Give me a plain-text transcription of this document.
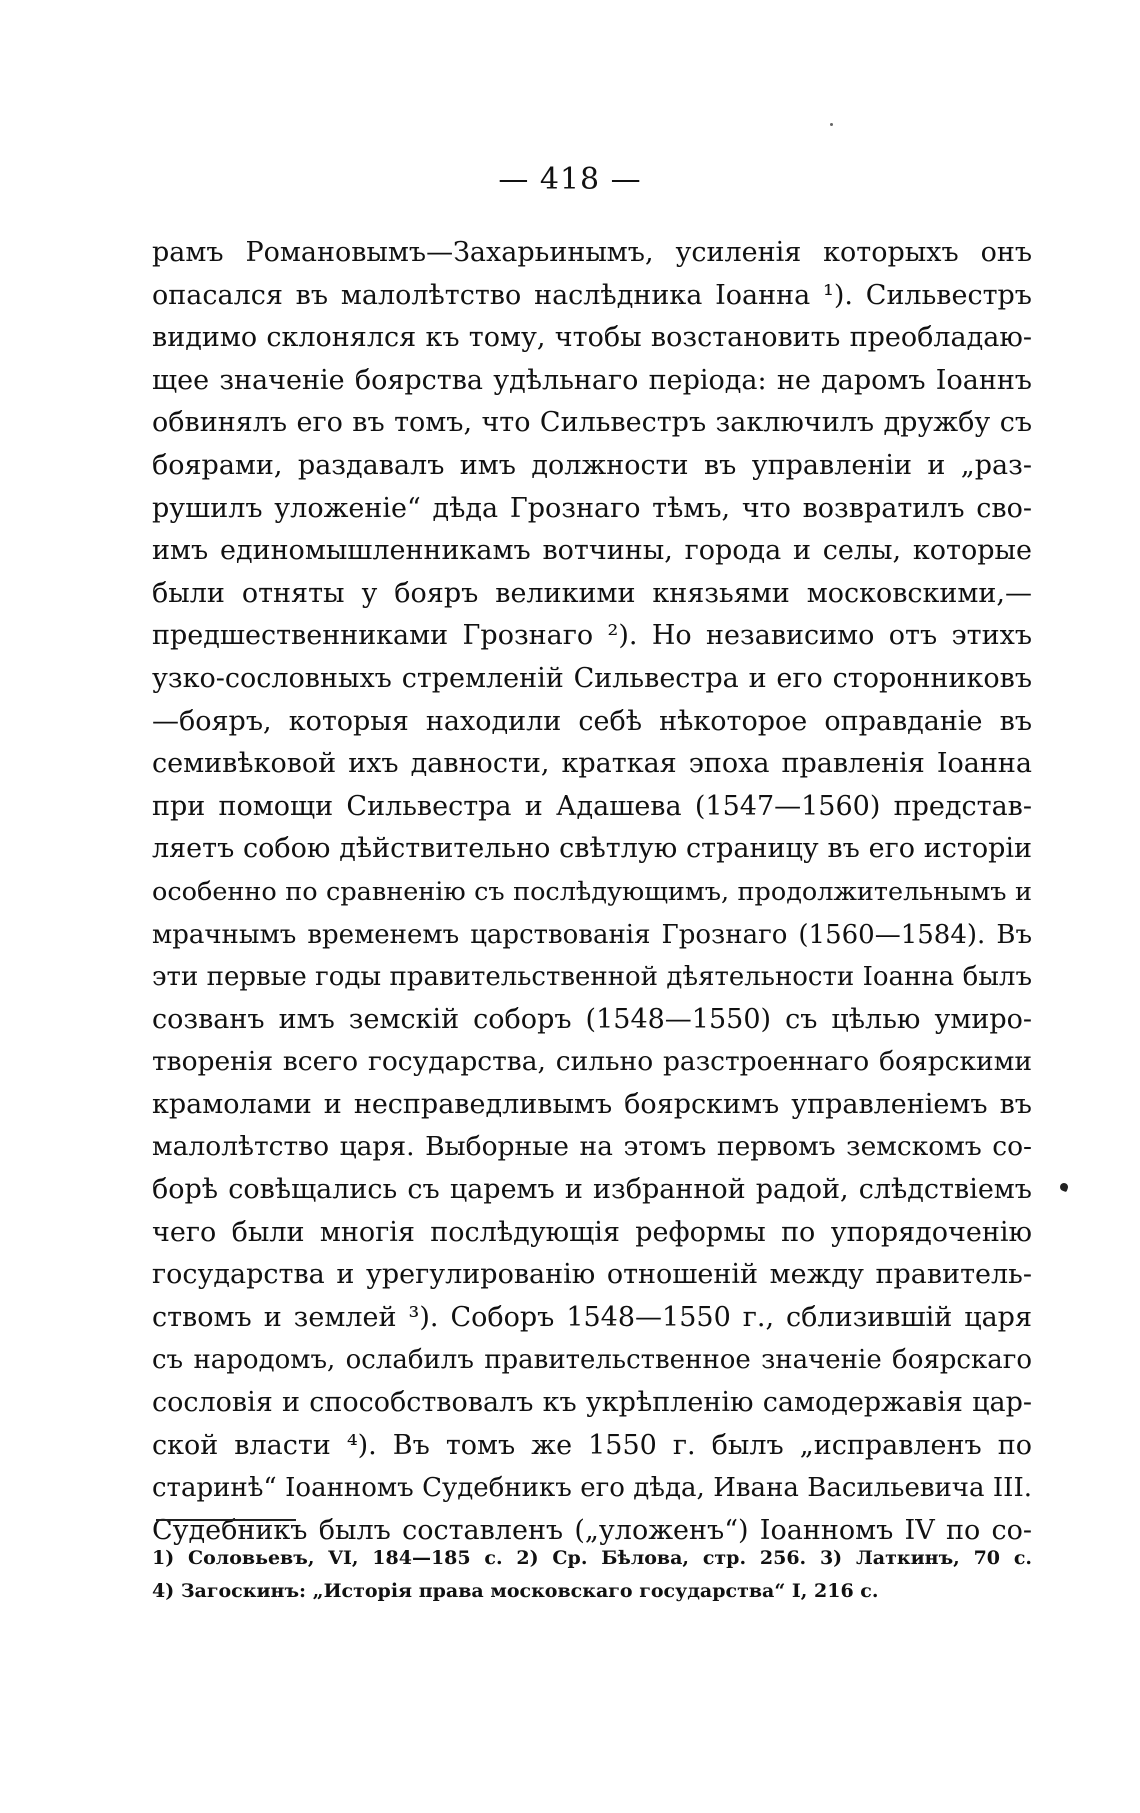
— 418 —
рамъ Романовымъ—Захарьинымъ, усиленія которыхъ онъ
опасался въ малолѣтство наслѣдника Іоанна ¹). Сильвестръ
видимо склонялся къ тому, чтобы возстановить преобладаю-
щее значеніе боярства удѣльнаго періода: не даромъ Іоаннъ
обвинялъ его въ томъ, что Сильвестръ заключилъ дружбу съ
боярами, раздавалъ имъ должности въ управленіи и „раз-
рушилъ уложеніе“ дѣда Грознаго тѣмъ, что возвратилъ сво-
имъ единомышленникамъ вотчины, города и селы, которые
были отняты у бояръ великими князьями московскими,—
предшественниками Грознаго ²). Но независимо отъ этихъ
узко-сословныхъ стремленій Сильвестра и его сторонниковъ
—бояръ, которыя находили себѣ нѣкоторое оправданіе въ
семивѣковой ихъ давности, краткая эпоха правленія Іоанна
при помощи Сильвестра и Адашева (1547—1560) представ-
ляетъ собою дѣйствительно свѣтлую страницу въ его исторіи
особенно по сравненію съ послѣдующимъ, продолжительнымъ и
мрачнымъ временемъ царствованія Грознаго (1560—1584). Въ
эти первые годы правительственной дѣятельности Іоанна былъ
созванъ имъ земскій соборъ (1548—1550) съ цѣлью умиро-
творенія всего государства, сильно разстроеннаго боярскими
крамолами и несправедливымъ боярскимъ управленіемъ въ
малолѣтство царя. Выборные на этомъ первомъ земскомъ со-
борѣ совѣщались съ царемъ и избранной радой, слѣдствіемъ
чего были многія послѣдующія реформы по упорядоченію
государства и урегулированію отношеній между правитель-
ствомъ и землей ³). Соборъ 1548—1550 г., сблизившій царя
съ народомъ, ослабилъ правительственное значеніе боярскаго
сословія и способствовалъ къ укрѣпленію самодержавія цар-
ской власти ⁴). Въ томъ же 1550 г. былъ „исправленъ по
старинѣ“ Іоанномъ Судебникъ его дѣда, Ивана Васильевича III.
Судебникъ былъ составленъ („уложенъ“) Іоанномъ IV по со-
1) Соловьевъ, VI, 184—185 с. 2) Ср. Бѣлова, стр. 256. 3) Латкинъ, 70 с.
4) Загоскинъ: „Исторія права московскаго государства“ I, 216 с.
